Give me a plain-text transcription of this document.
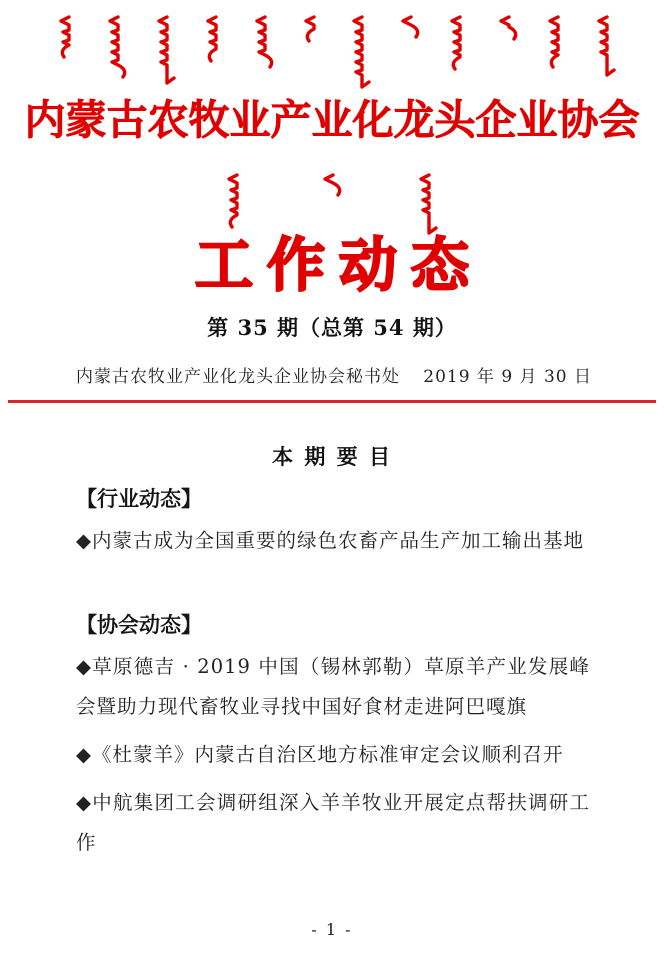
内蒙古农牧业产业化龙头企业协会
工作动态
第 35 期（总第 54 期）
内蒙古农牧业产业化龙头企业协会秘书处 2019 年 9 月 30 日
本 期 要 目
【行业动态】

◆内蒙古成为全国重要的绿色农畜产品生产加工输出基地

【协会动态】

◆草原德吉 · 2019 中国（锡林郭勒）草原羊产业发展峰会暨助力现代畜牧业寻找中国好食材走进阿巴嘎旗

◆《杜蒙羊》内蒙古自治区地方标准审定会议顺利召开

◆中航集团工会调研组深入羊羊牧业开展定点帮扶调研工作

- 1 -
